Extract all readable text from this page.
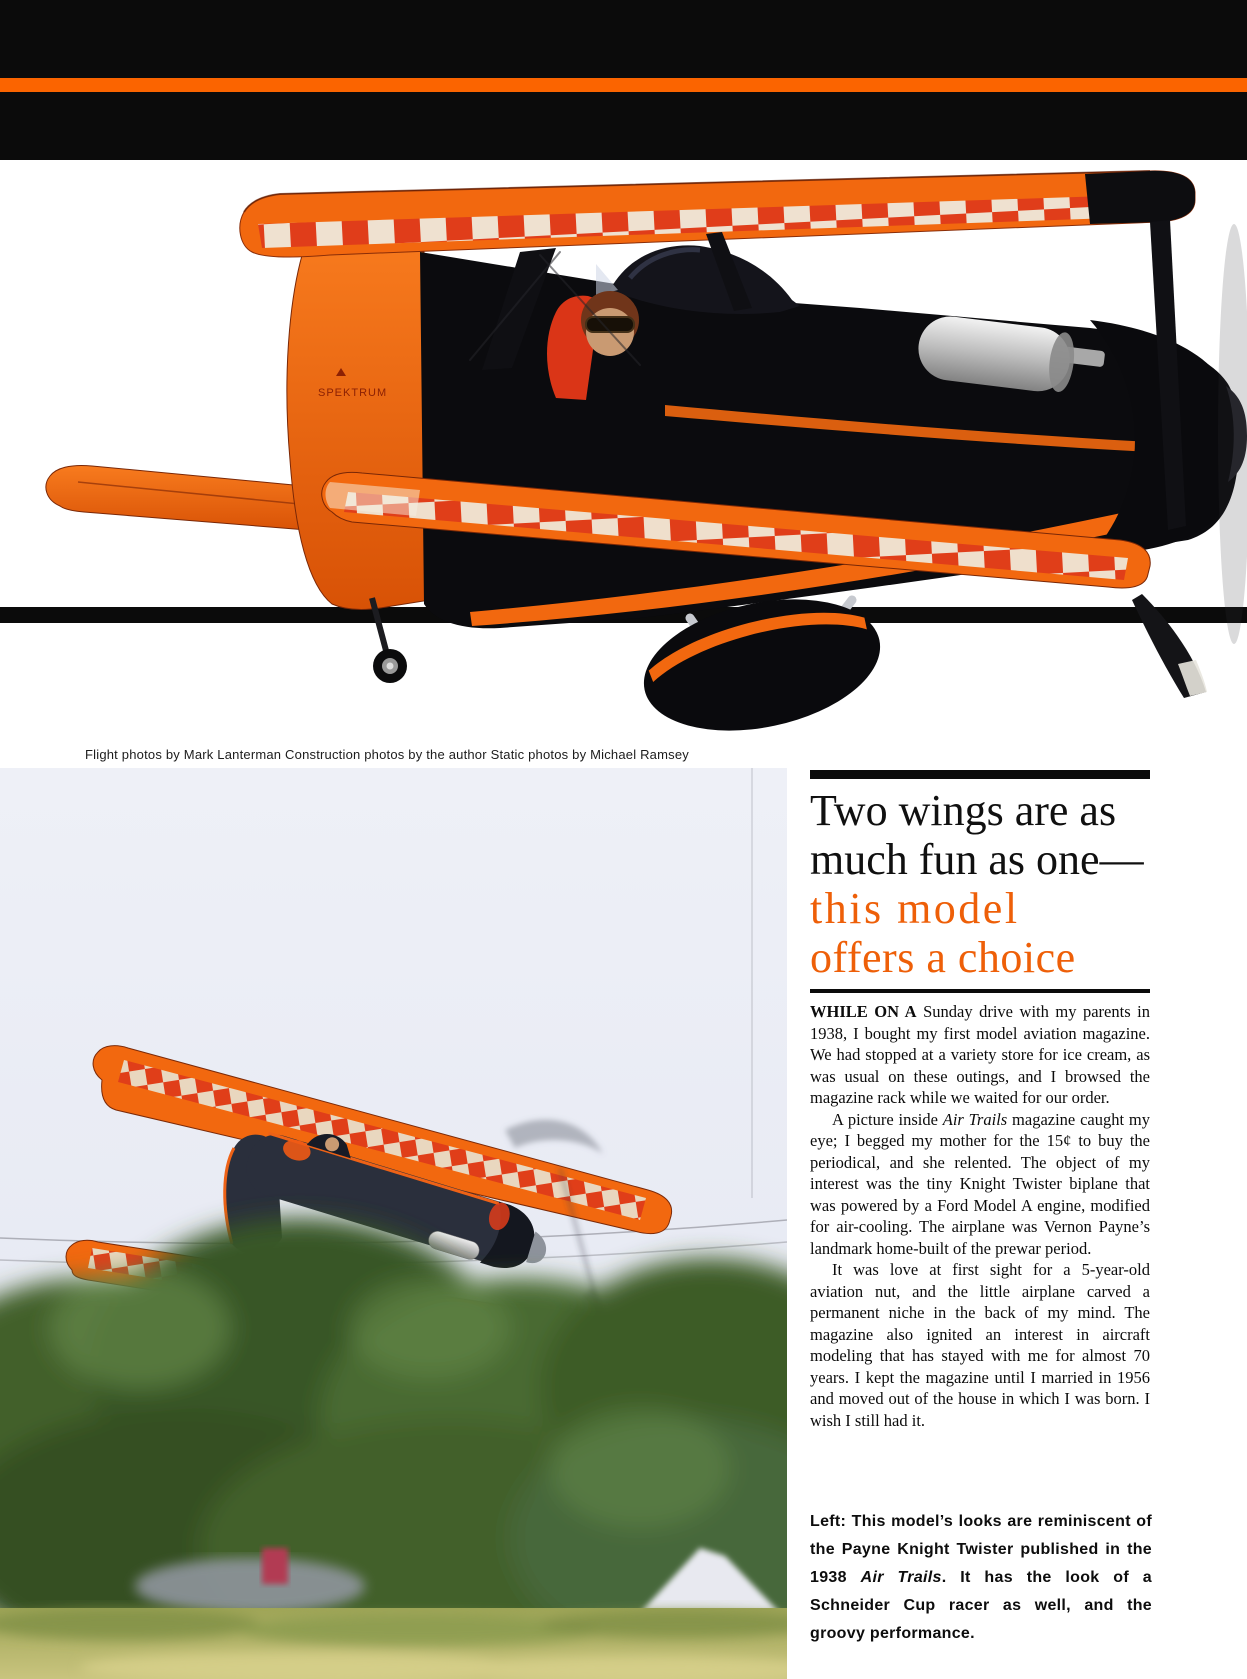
SPEKTRUM
Flight photos by Mark Lanterman Construction photos by the author Static photos by Michael Ramsey
Two wings are as
much fun as one—
this model
offers a choice

WHILE ON A Sunday drive with my parents in 1938, I bought my first model aviation magazine. We had stopped at a variety store for ice cream, as was usual on these outings, and I browsed the magazine rack while we waited for our order.

A picture inside Air Trails magazine caught my eye; I begged my mother for the 15¢ to buy the periodical, and she relented. The object of my interest was the tiny Knight Twister biplane that was powered by a Ford Model A engine, modified for air-cooling. The airplane was Vernon Payne’s landmark home-built of the prewar period.

It was love at first sight for a 5-year-old aviation nut, and the little airplane carved a permanent niche in the back of my mind. The magazine also ignited an interest in aircraft modeling that has stayed with me for almost 70 years. I kept the magazine until I married in 1956 and moved out of the house in which I was born. I wish I still had it.

Left: This model’s looks are reminiscent of the Payne Knight Twister published in the 1938 Air Trails. It has the look of a Schneider Cup racer as well, and the groovy performance.
